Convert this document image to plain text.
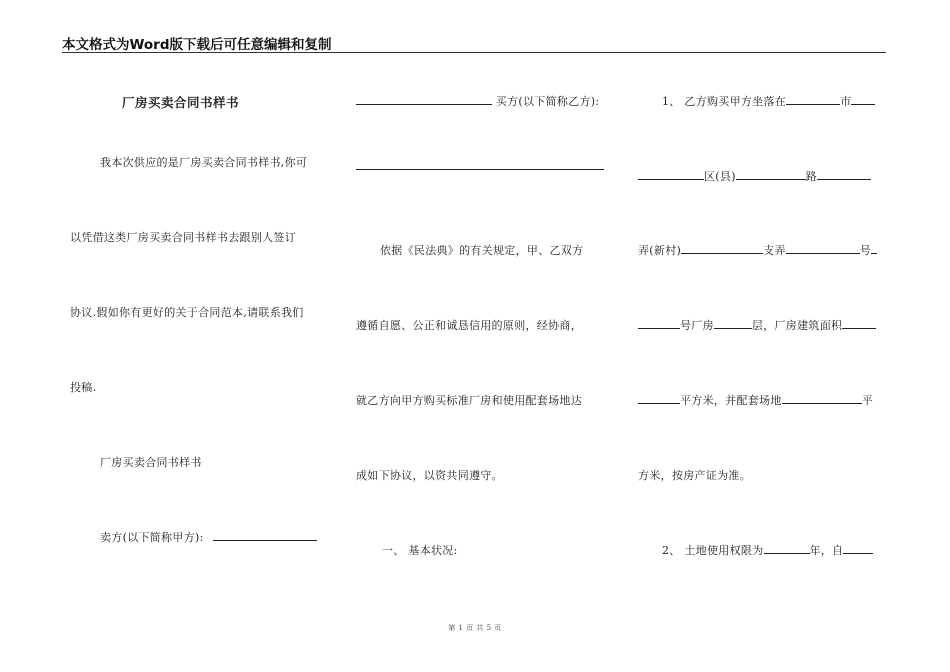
本文格式为Word版下载后可任意编辑和复制
厂房买卖合同书样书
我本次供应的是厂房买卖合同书样书,你可
以凭借这类厂房买卖合同书样书去跟别人签订
协议.假如你有更好的关于合同范本,请联系我们
投稿.
厂房买卖合同书样书
卖方(以下简称甲方):
买方(以下简称乙方):
依据《民法典》的有关规定，甲、乙双方
遵循自愿、公正和诚恳信用的原则，经协商，
就乙方向甲方购买标准厂房和使用配套场地达
成如下协议，以资共同遵守。
一、 基本状况:
1、 乙方购买甲方坐落在	市
区(县)	路
弄(新村)	支弄	号
号厂房	层，厂房建筑面积
平方米，并配套场地	平
方米，按房产证为准。
2、 土地使用权限为	年，自
第 1 页 共 5 页
